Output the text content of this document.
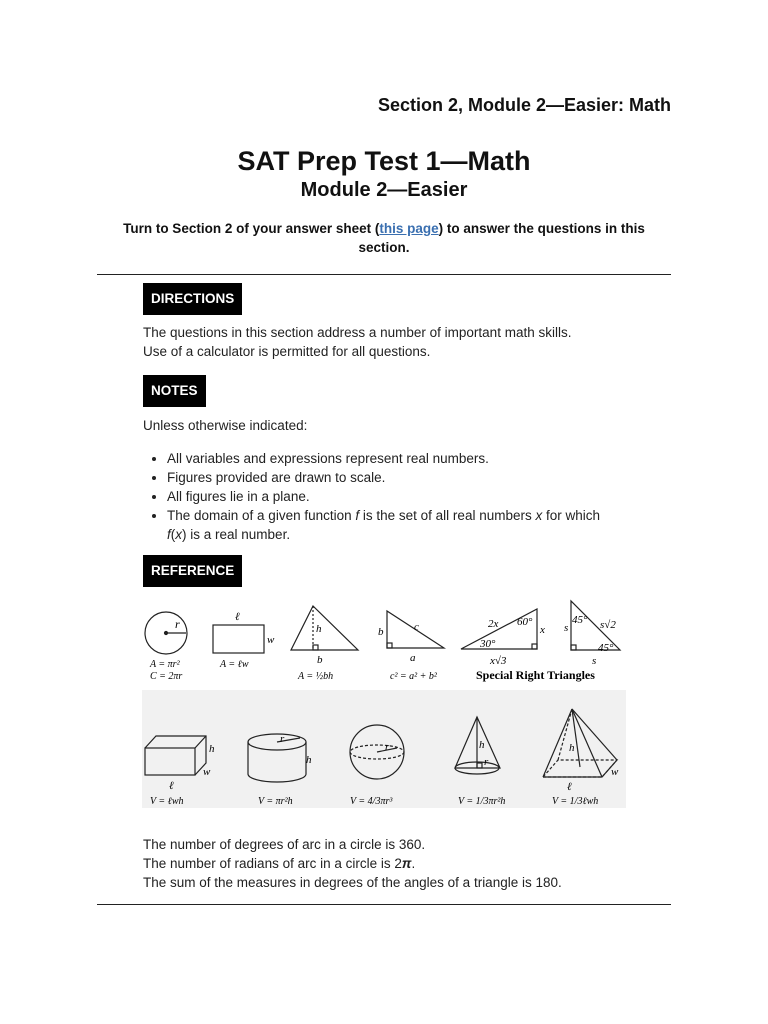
Section 2, Module 2—Easier: Math
SAT Prep Test 1—Math
Module 2—Easier
Turn to Section 2 of your answer sheet (this page) to answer the questions in this section.
DIRECTIONS
The questions in this section address a number of important math skills.
Use of a calculator is permitted for all questions.
NOTES
Unless otherwise indicated:
• All variables and expressions represent real numbers.
• Figures provided are drawn to scale.
• All figures lie in a plane.
• The domain of a given function f is the set of all real numbers x for which
f(x) is a real number.
REFERENCE
r
A = πr²
C = 2πr
ℓ
w
A = ℓw
h
b
A = ½bh
b	c
a
c² = a² + b²
2x 60°
x
30°
x√3
45° s√2
s
45°
s
Special Right Triangles
h
w
ℓ
V = ℓwh
r
h
V = πr²h
r
V = 4/3πr³
h
r
V = 1/3πr²h
h
w
ℓ
V = 1/3ℓwh
The number of degrees of arc in a circle is 360.
The number of radians of arc in a circle is 2π.
The sum of the measures in degrees of the angles of a triangle is 180.
